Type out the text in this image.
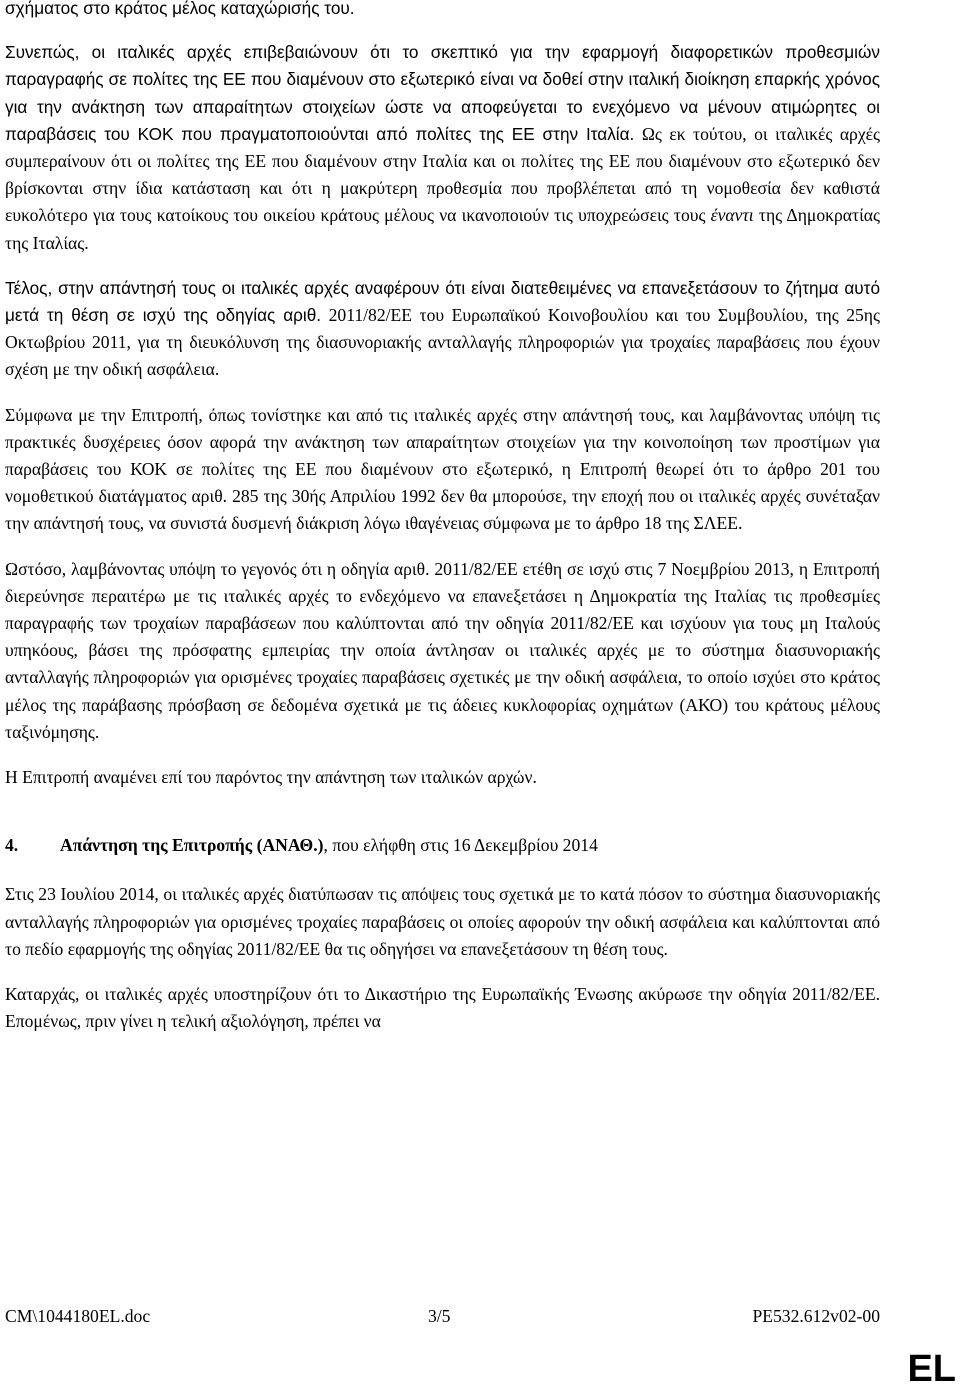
σχήματος στο κράτος μέλος καταχώρισής του.

Συνεπώς, οι ιταλικές αρχές επιβεβαιώνουν ότι το σκεπτικό για την εφαρμογή διαφορετικών προθεσμιών παραγραφής σε πολίτες της ΕΕ που διαμένουν στο εξωτερικό είναι να δοθεί στην ιταλική διοίκηση επαρκής χρόνος για την ανάκτηση των απαραίτητων στοιχείων ώστε να αποφεύγεται το ενεχόμενο να μένουν ατιμώρητες οι παραβάσεις του ΚΟΚ που πραγματοποιούνται από πολίτες της ΕΕ στην Ιταλία. Ως εκ τούτου, οι ιταλικές αρχές συμπεραίνουν ότι οι πολίτες της ΕΕ που διαμένουν στην Ιταλία και οι πολίτες της ΕΕ που διαμένουν στο εξωτερικό δεν βρίσκονται στην ίδια κατάσταση και ότι η μακρύτερη προθεσμία που προβλέπεται από τη νομοθεσία δεν καθιστά ευκολότερο για τους κατοίκους του οικείου κράτους μέλους να ικανοποιούν τις υποχρεώσεις τους έναντι της Δημοκρατίας της Ιταλίας.

Τέλος, στην απάντησή τους οι ιταλικές αρχές αναφέρουν ότι είναι διατεθειμένες να επανεξετάσουν το ζήτημα αυτό μετά τη θέση σε ισχύ της οδηγίας αριθ. 2011/82/ΕΕ του Ευρωπαϊκού Κοινοβουλίου και του Συμβουλίου, της 25ης Οκτωβρίου 2011, για τη διευκόλυνση της διασυνοριακής ανταλλαγής πληροφοριών για τροχαίες παραβάσεις που έχουν σχέση με την οδική ασφάλεια.

Σύμφωνα με την Επιτροπή, όπως τονίστηκε και από τις ιταλικές αρχές στην απάντησή τους, και λαμβάνοντας υπόψη τις πρακτικές δυσχέρειες όσον αφορά την ανάκτηση των απαραίτητων στοιχείων για την κοινοποίηση των προστίμων για παραβάσεις του ΚΟΚ σε πολίτες της ΕΕ που διαμένουν στο εξωτερικό, η Επιτροπή θεωρεί ότι το άρθρο 201 του νομοθετικού διατάγματος αριθ. 285 της 30ής Απριλίου 1992 δεν θα μπορούσε, την εποχή που οι ιταλικές αρχές συνέταξαν την απάντησή τους, να συνιστά δυσμενή διάκριση λόγω ιθαγένειας σύμφωνα με το άρθρο 18 της ΣΛΕΕ.

Ωστόσο, λαμβάνοντας υπόψη το γεγονός ότι η οδηγία αριθ. 2011/82/ΕΕ ετέθη σε ισχύ στις 7 Νοεμβρίου 2013, η Επιτροπή διερεύνησε περαιτέρω με τις ιταλικές αρχές το ενδεχόμενο να επανεξετάσει η Δημοκρατία της Ιταλίας τις προθεσμίες παραγραφής των τροχαίων παραβάσεων που καλύπτονται από την οδηγία 2011/82/ΕΕ και ισχύουν για τους μη Ιταλούς υπηκόους, βάσει της πρόσφατης εμπειρίας την οποία άντλησαν οι ιταλικές αρχές με το σύστημα διασυνοριακής ανταλλαγής πληροφοριών για ορισμένες τροχαίες παραβάσεις σχετικές με την οδική ασφάλεια, το οποίο ισχύει στο κράτος μέλος της παράβασης πρόσβαση σε δεδομένα σχετικά με τις άδειες κυκλοφορίας οχημάτων (ΑΚΟ) του κράτους μέλους ταξινόμησης.

Η Επιτροπή αναμένει επί του παρόντος την απάντηση των ιταλικών αρχών.

4. Απάντηση της Επιτροπής (ΑΝΑΘ.), που ελήφθη στις 16 Δεκεμβρίου 2014

Στις 23 Ιουλίου 2014, οι ιταλικές αρχές διατύπωσαν τις απόψεις τους σχετικά με το κατά πόσον το σύστημα διασυνοριακής ανταλλαγής πληροφοριών για ορισμένες τροχαίες παραβάσεις οι οποίες αφορούν την οδική ασφάλεια και καλύπτονται από το πεδίο εφαρμογής της οδηγίας 2011/82/ΕΕ θα τις οδηγήσει να επανεξετάσουν τη θέση τους.

Καταρχάς, οι ιταλικές αρχές υποστηρίζουν ότι το Δικαστήριο της Ευρωπαϊκής Ένωσης ακύρωσε την οδηγία 2011/82/ΕΕ. Επομένως, πριν γίνει η τελική αξιολόγηση, πρέπει να

CM\1044180EL.doc	3/5	PE532.612v02-00
EL
